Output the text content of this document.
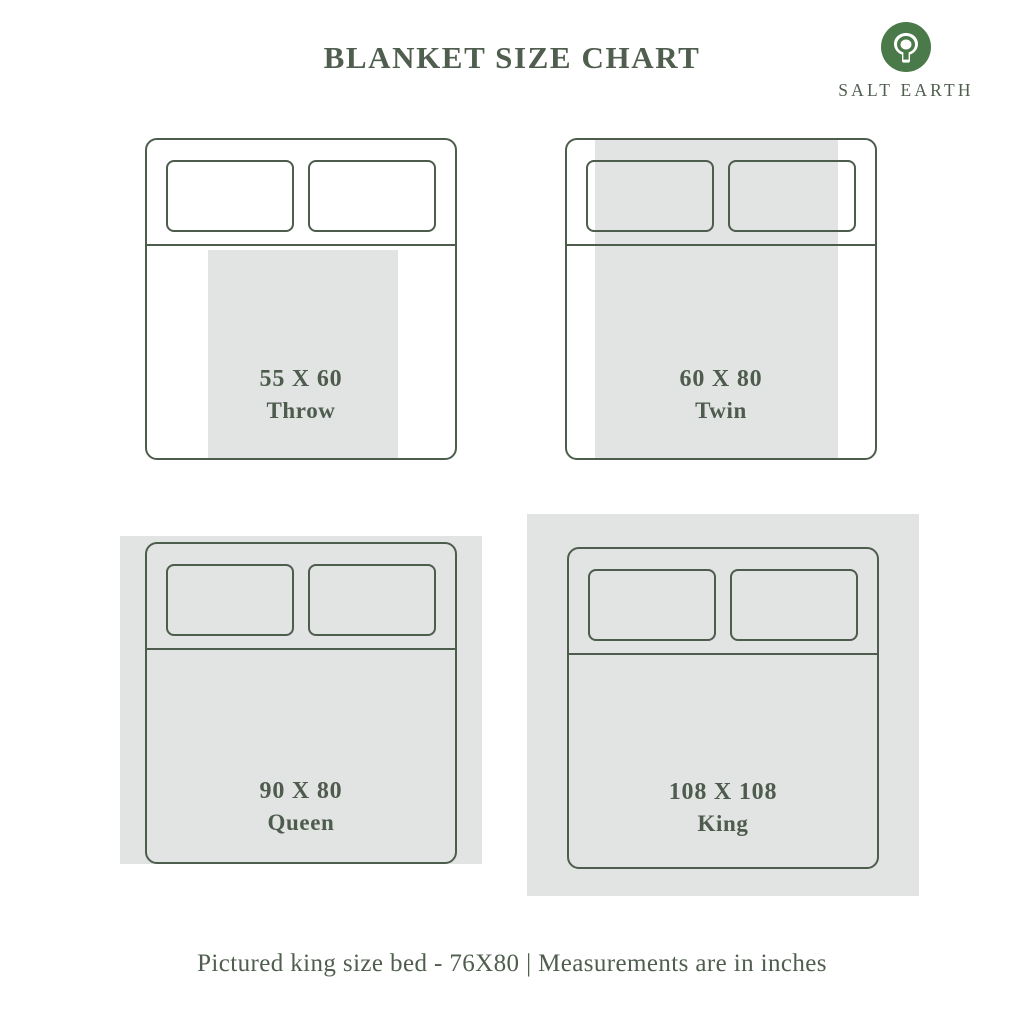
BLANKET SIZE CHART
SALT EARTH
55 X 60
Throw
60 X 80
Twin
90 X 80
Queen
108 X 108
King
Pictured king size bed - 76X80 | Measurements are in inches
